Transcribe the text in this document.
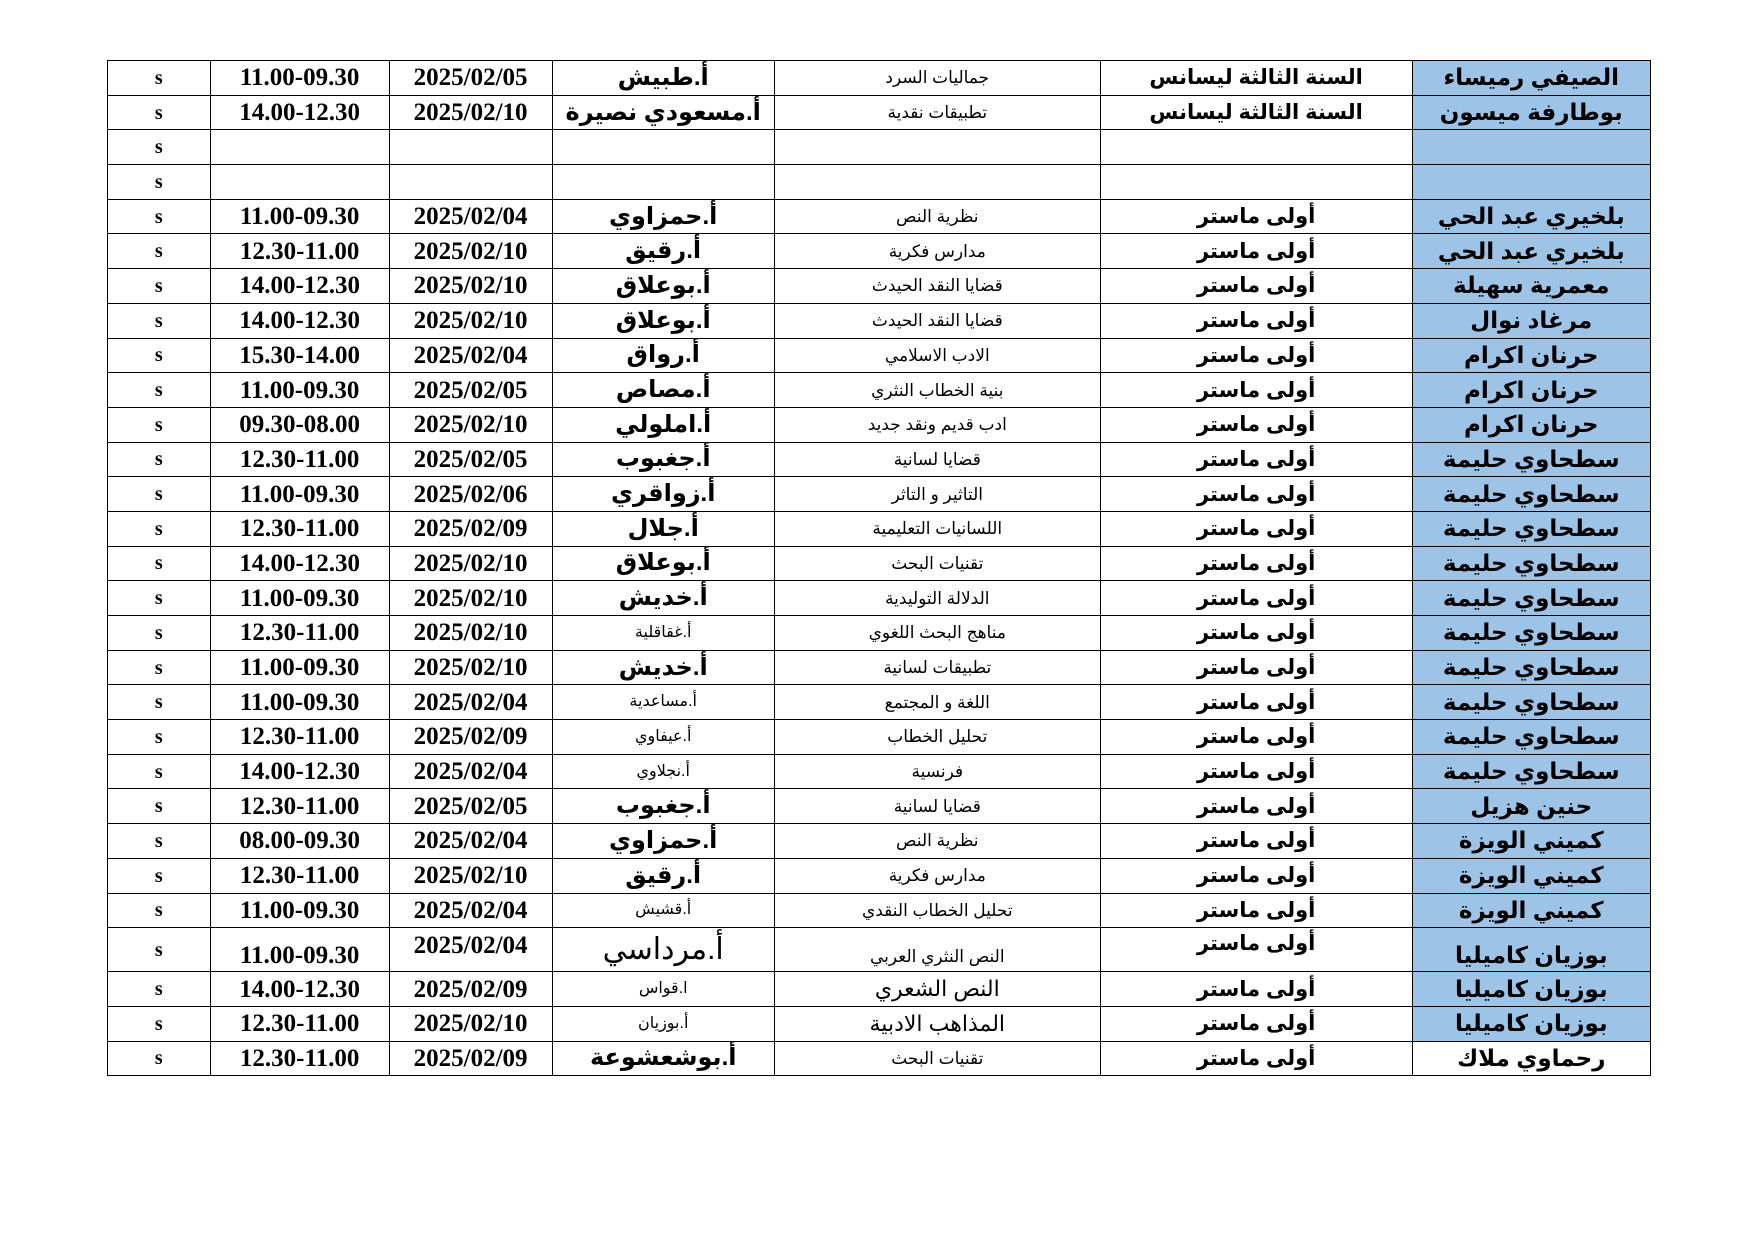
s	11.00-09.30	2025/02/05	أ.طبيش	جماليات السرد	السنة الثالثة ليسانس	الصيفي رميساء
s	14.00-12.30	2025/02/10	أ.مسعودي نصيرة	تطبيقات نقدية	السنة الثالثة ليسانس	بوطارفة ميسون
s						
s						
s	11.00-09.30	2025/02/04	أ.حمزاوي	نظرية النص	أولى ماستر	بلخيري عبد الحي
s	12.30-11.00	2025/02/10	أ.رقيق	مدارس فكرية	أولى ماستر	بلخيري عبد الحي
s	14.00-12.30	2025/02/10	أ.بوعلاق	قضايا النقد الحيدث	أولى ماستر	معمرية سهيلة
s	14.00-12.30	2025/02/10	أ.بوعلاق	قضايا النقد الحيدث	أولى ماستر	مرغاد نوال
s	15.30-14.00	2025/02/04	أ.رواق	الادب الاسلامي	أولى ماستر	حرنان اكرام
s	11.00-09.30	2025/02/05	أ.مصاص	بنية الخطاب النثري	أولى ماستر	حرنان اكرام
s	09.30-08.00	2025/02/10	أ.املولي	ادب قديم ونقد جديد	أولى ماستر	حرنان اكرام
s	12.30-11.00	2025/02/05	أ.جغبوب	قضايا لسانية	أولى ماستر	سطحاوي حليمة
s	11.00-09.30	2025/02/06	أ.زواقري	التاثير و التاثر	أولى ماستر	سطحاوي حليمة
s	12.30-11.00	2025/02/09	أ.جلال	اللسانيات التعليمية	أولى ماستر	سطحاوي حليمة
s	14.00-12.30	2025/02/10	أ.بوعلاق	تقنيات البحث	أولى ماستر	سطحاوي حليمة
s	11.00-09.30	2025/02/10	أ.خديش	الدلالة التوليدية	أولى ماستر	سطحاوي حليمة
s	12.30-11.00	2025/02/10	أ.غقاقلية	مناهج البحث اللغوي	أولى ماستر	سطحاوي حليمة
s	11.00-09.30	2025/02/10	أ.خديش	تطبيقات لسانية	أولى ماستر	سطحاوي حليمة
s	11.00-09.30	2025/02/04	أ.مساعدية	اللغة و المجتمع	أولى ماستر	سطحاوي حليمة
s	12.30-11.00	2025/02/09	أ.عيفاوي	تحليل الخطاب	أولى ماستر	سطحاوي حليمة
s	14.00-12.30	2025/02/04	أ.نجلاوي	فرنسية	أولى ماستر	سطحاوي حليمة
s	12.30-11.00	2025/02/05	أ.جغبوب	قضايا لسانية	أولى ماستر	حنين هزيل
s	08.00-09.30	2025/02/04	أ.حمزاوي	نظرية النص	أولى ماستر	كميني الويزة
s	12.30-11.00	2025/02/10	أ.رقيق	مدارس فكرية	أولى ماستر	كميني الويزة
s	11.00-09.30	2025/02/04	أ.قشيش	تحليل الخطاب النقدي	أولى ماستر	كميني الويزة
s	11.00-09.30	2025/02/04	أ.مرداسي	النص النثري العربي	أولى ماستر	بوزيان كاميليا
s	14.00-12.30	2025/02/09	ا.قواس	النص الشعري	أولى ماستر	بوزيان كاميليا
s	12.30-11.00	2025/02/10	أ.بوزيان	المذاهب الادبية	أولى ماستر	بوزيان كاميليا
s	12.30-11.00	2025/02/09	أ.بوشعشوعة	تقنيات البحث	أولى ماستر	رحماوي ملاك
